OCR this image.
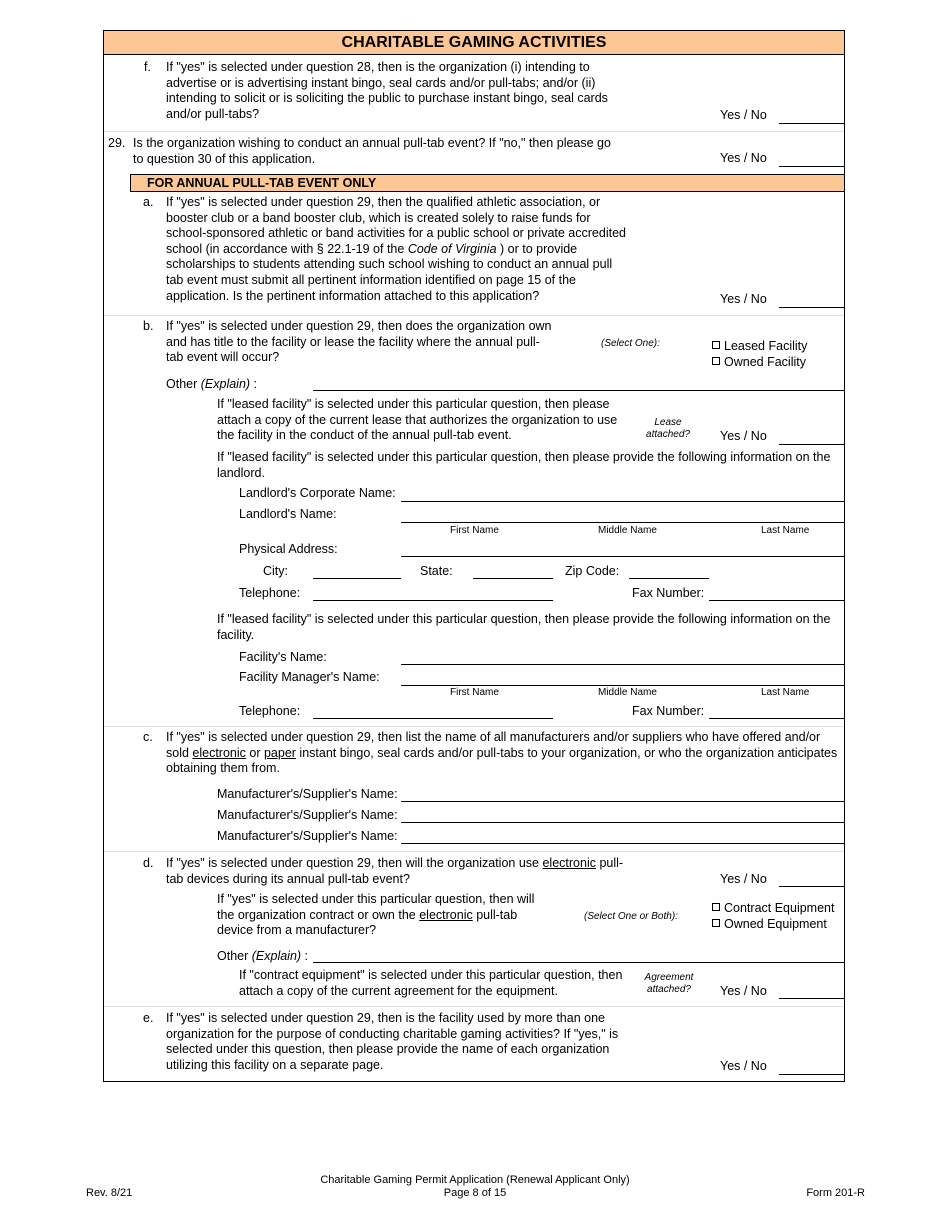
CHARITABLE GAMING ACTIVITIES
f. If "yes" is selected under question 28, then is the organization (i) intending to
advertise or is advertising instant bingo, seal cards and/or pull-tabs; and/or (ii)
intending to solicit or is soliciting the public to purchase instant bingo, seal cards
and/or pull-tabs?	Yes / No
29. Is the organization wishing to conduct an annual pull-tab event? If "no," then please go
to question 30 of this application.	Yes / No
FOR ANNUAL PULL-TAB EVENT ONLY
a. If "yes" is selected under question 29, then the qualified athletic association, or
booster club or a band booster club, which is created solely to raise funds for
school-sponsored athletic or band activities for a public school or private accredited
school (in accordance with § 22.1-19 of the Code of Virginia ) or to provide
scholarships to students attending such school wishing to conduct an annual pull
tab event must submit all pertinent information identified on page 15 of the
application. Is the pertinent information attached to this application?	Yes / No
b. If "yes" is selected under question 29, then does the organization own
and has title to the facility or lease the facility where the annual pull-
tab event will occur?
(Select One):	Leased Facility
Owned Facility
Other (Explain) :
If "leased facility" is selected under this particular question, then please
attach a copy of the current lease that authorizes the organization to use
the facility in the conduct of the annual pull-tab event.
Lease
attached? Yes / No
If "leased facility" is selected under this particular question, then please provide the following information on the
landlord.
Landlord's Corporate Name:
Landlord's Name:
First Name	Middle Name	Last Name
Physical Address:
City:	State:	Zip Code:
Telephone:	Fax Number:
If "leased facility" is selected under this particular question, then please provide the following information on the
facility.
Facility's Name:
Facility Manager's Name:
First Name	Middle Name	Last Name
Telephone:	Fax Number:
c. If "yes" is selected under question 29, then list the name of all manufacturers and/or suppliers who have offered and/or
sold electronic or paper instant bingo, seal cards and/or pull-tabs to your organization, or who the organization anticipates
obtaining them from.
Manufacturer's/Supplier's Name:
Manufacturer's/Supplier's Name:
Manufacturer's/Supplier's Name:
d. If "yes" is selected under question 29, then will the organization use electronic pull-
tab devices during its annual pull-tab event?	Yes / No
If "yes" is selected under this particular question, then will
the organization contract or own the electronic pull-tab
device from a manufacturer?
(Select One or Both):
Contract Equipment
Owned Equipment
Other (Explain) :
If "contract equipment" is selected under this particular question, then
attach a copy of the current agreement for the equipment.
Agreement
attached? Yes / No
e. If "yes" is selected under question 29, then is the facility used by more than one
organization for the purpose of conducting charitable gaming activities? If "yes," is
selected under this question, then please provide the name of each organization
utilizing this facility on a separate page.	Yes / No
Rev. 8/21
Charitable Gaming Permit Application (Renewal Applicant Only)
Page 8 of 15	Form 201-R
